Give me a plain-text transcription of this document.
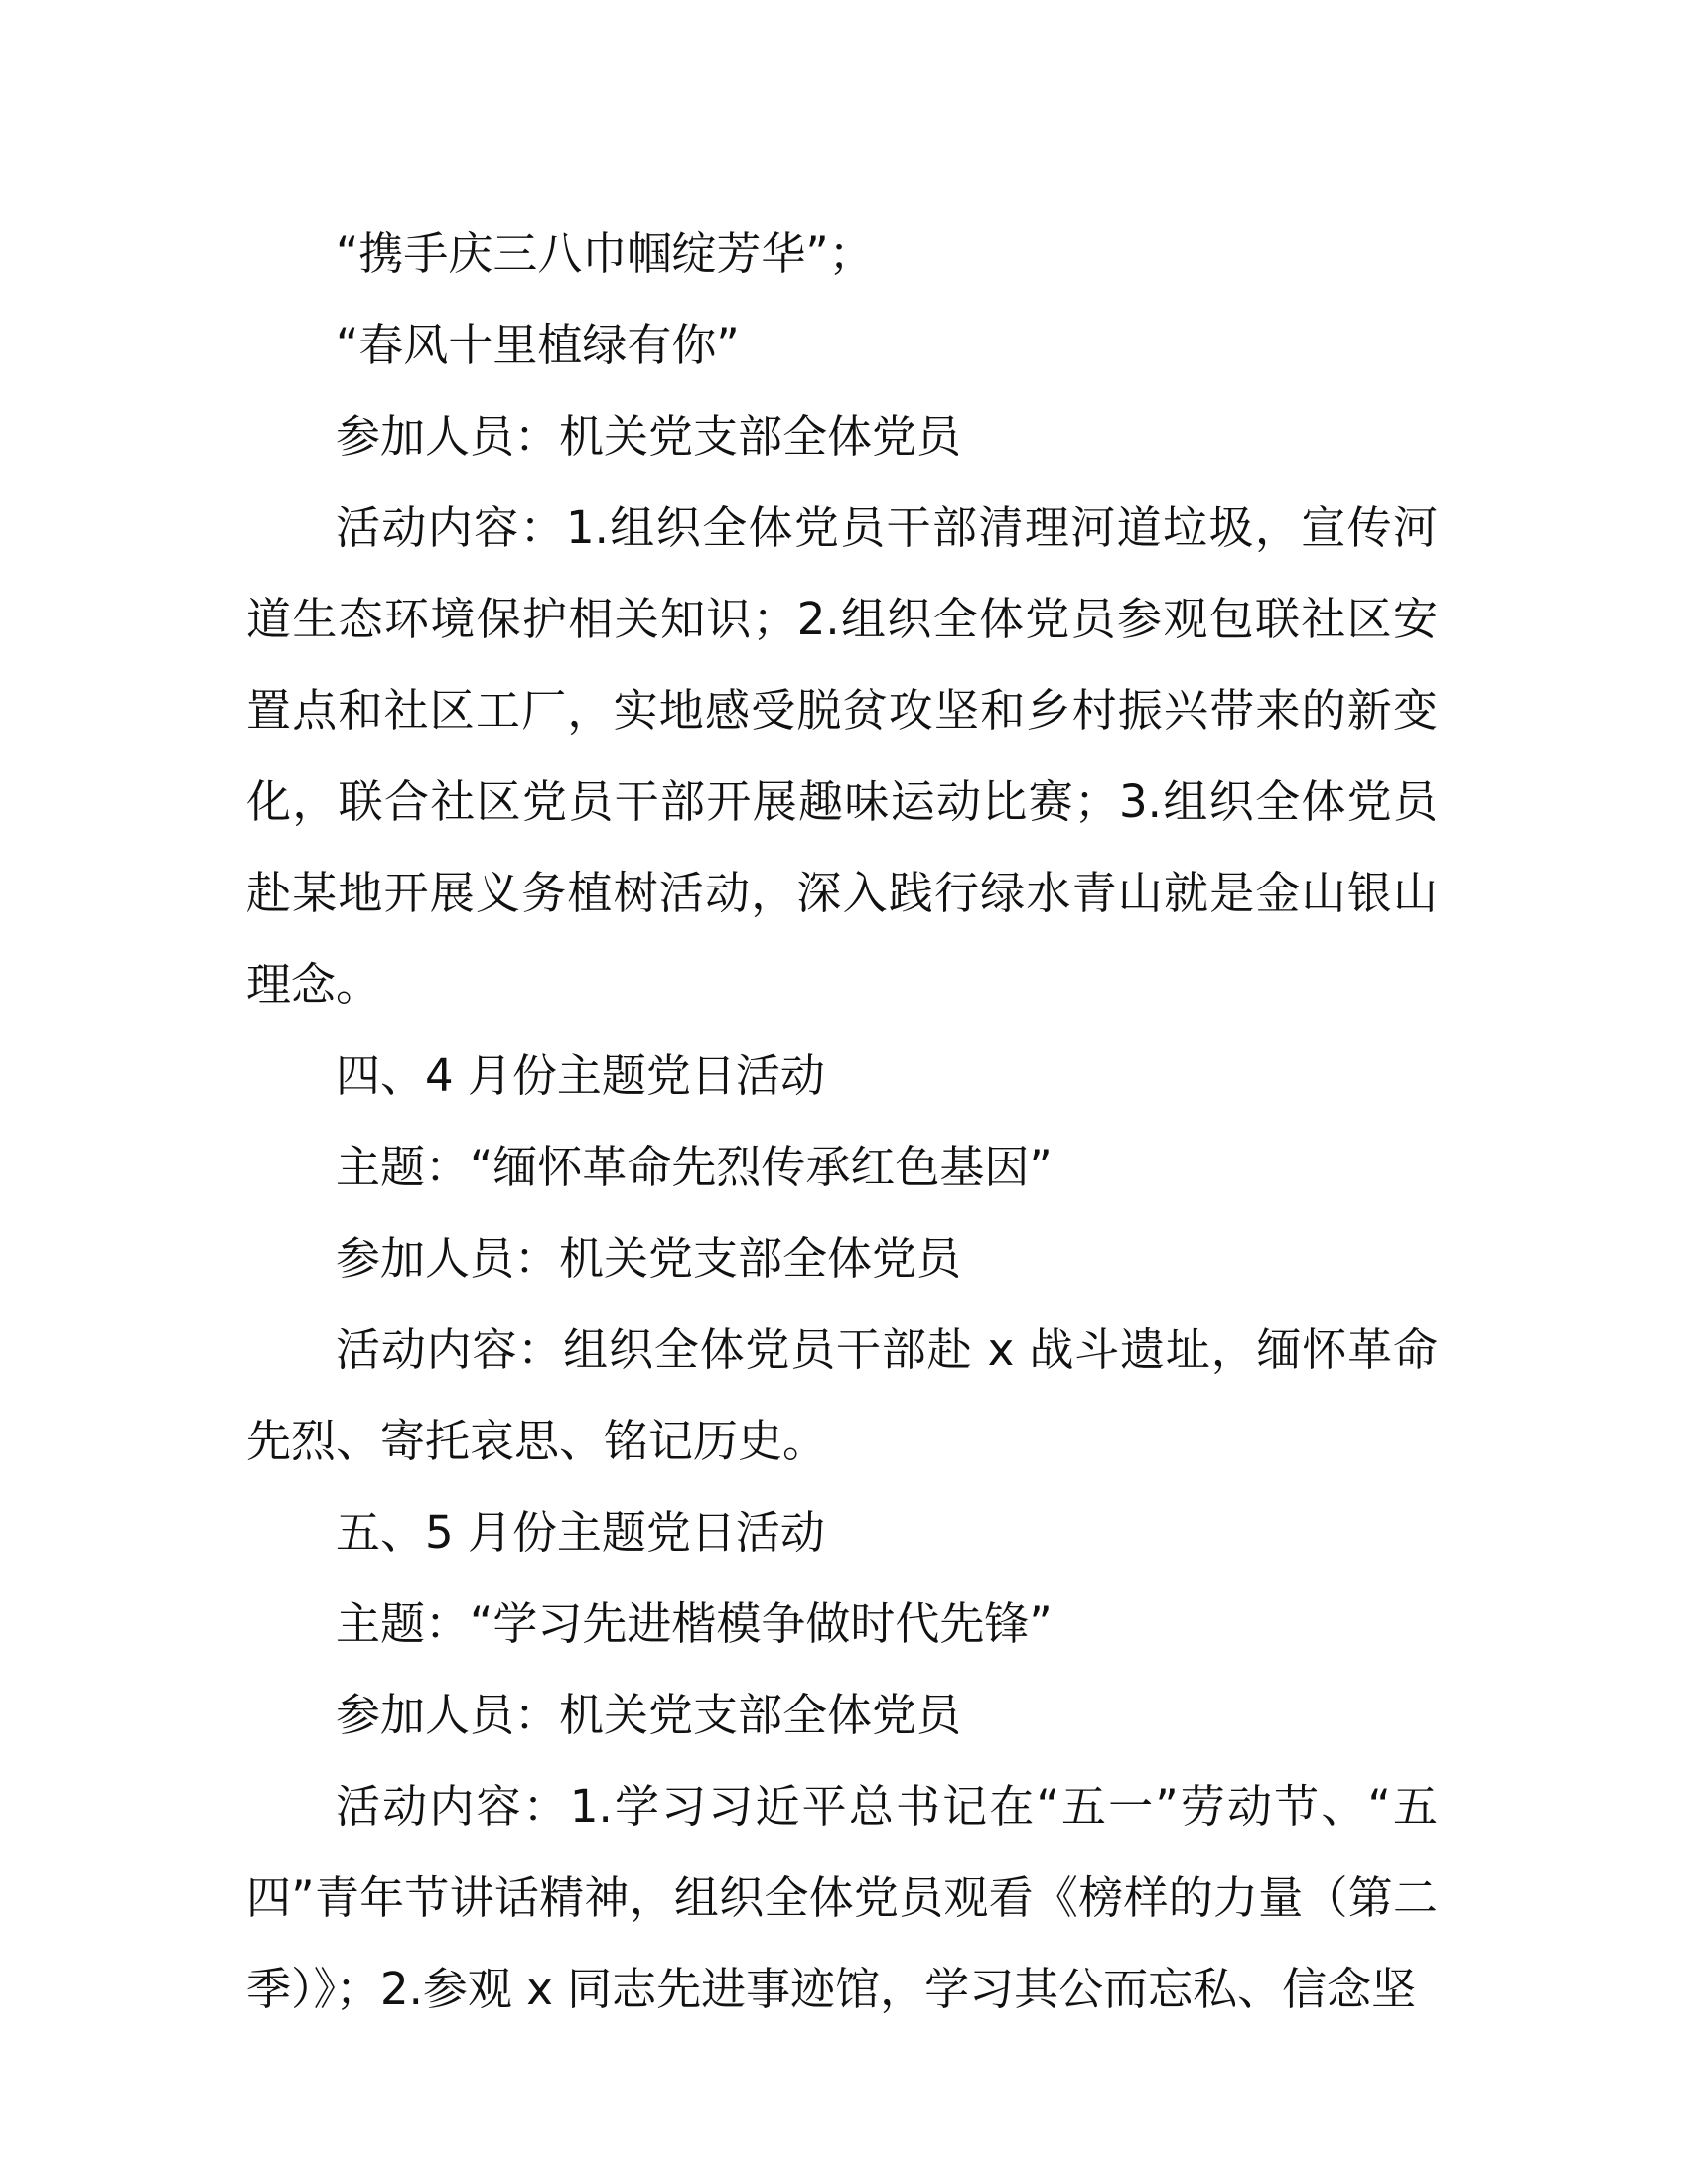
“携手庆三八巾帼绽芳华”；

“春风十里植绿有你”

参加人员：机关党支部全体党员

活动内容：1.组织全体党员干部清理河道垃圾，宣传河道生态环境保护相关知识；2.组织全体党员参观包联社区安置点和社区工厂，实地感受脱贫攻坚和乡村振兴带来的新变化，联合社区党员干部开展趣味运动比赛；3.组织全体党员赴某地开展义务植树活动，深入践行绿水青山就是金山银山理念。

四、4 月份主题党日活动

主题：“缅怀革命先烈传承红色基因”

参加人员：机关党支部全体党员

活动内容：组织全体党员干部赴 x 战斗遗址，缅怀革命先烈、寄托哀思、铭记历史。

五、5 月份主题党日活动

主题：“学习先进楷模争做时代先锋”

参加人员：机关党支部全体党员

活动内容：1.学习习近平总书记在“五一”劳动节、“五四”青年节讲话精神，组织全体党员观看《榜样的力量（第二季）》；2.参观 x 同志先进事迹馆，学习其公而忘私、信念坚
